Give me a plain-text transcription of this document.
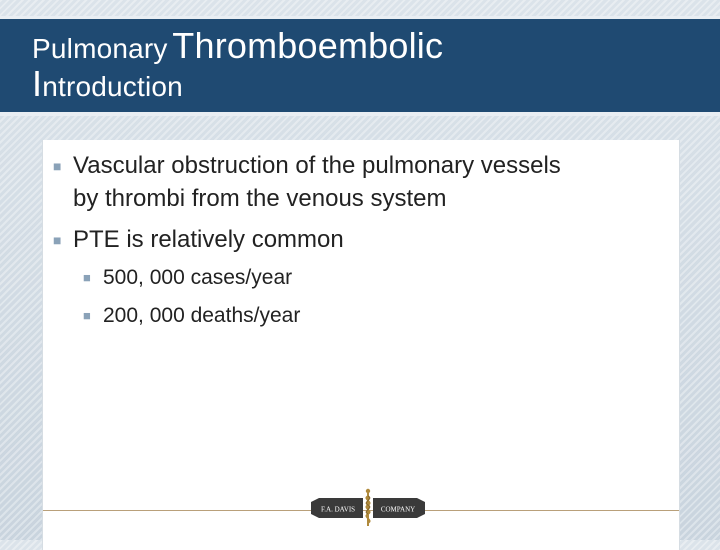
Pulmonary Thromboembolic
Introduction
■ Vascular obstruction of the pulmonary vessels
by thrombi from the venous system
■ PTE is relatively common
■ 500, 000 cases/year
■ 200, 000 deaths/year
F.A. DAVIS	COMPANY
